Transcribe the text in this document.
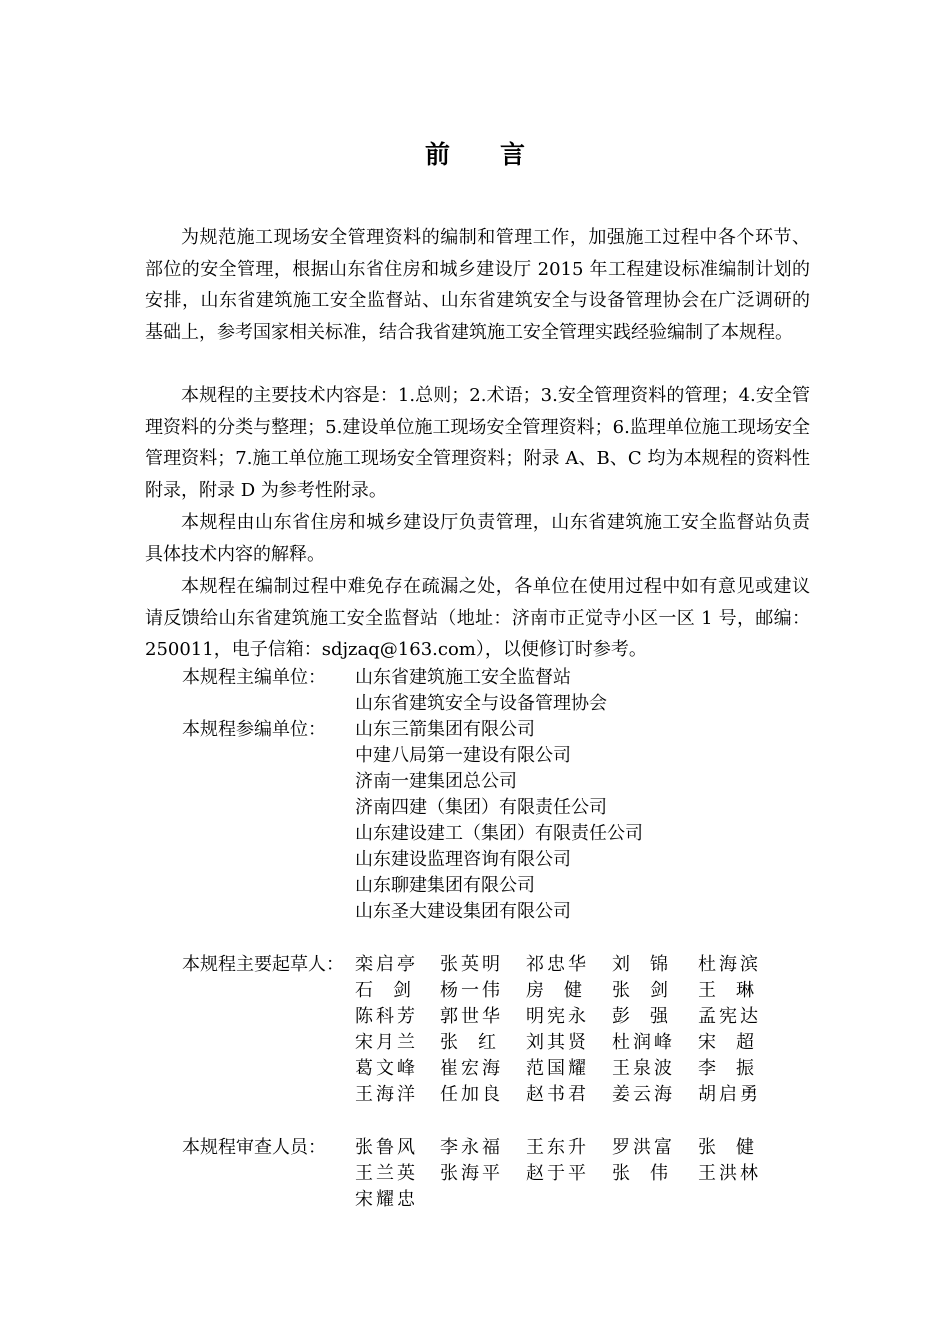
前 言

为规范施工现场安全管理资料的编制和管理工作，加强施工过程中各个环节、部位的安全管理，根据山东省住房和城乡建设厅 2015 年工程建设标准编制计划的安排，山东省建筑施工安全监督站、山东省建筑安全与设备管理协会在广泛调研的基础上，参考国家相关标准，结合我省建筑施工安全管理实践经验编制了本规程。

本规程的主要技术内容是：1.总则；2.术语；3.安全管理资料的管理；4.安全管理资料的分类与整理；5.建设单位施工现场安全管理资料；6.监理单位施工现场安全管理资料；7.施工单位施工现场安全管理资料；附录 A、B、C 均为本规程的资料性附录，附录 D 为参考性附录。

本规程由山东省住房和城乡建设厅负责管理，山东省建筑施工安全监督站负责具体技术内容的解释。

本规程在编制过程中难免存在疏漏之处，各单位在使用过程中如有意见或建议请反馈给山东省建筑施工安全监督站（地址：济南市正觉寺小区一区 1 号，邮编：250011，电子信箱：sdjzaq@163.com），以便修订时参考。

本规程主编单位： 山东省建筑施工安全监督站
山东省建筑安全与设备管理协会
本规程参编单位： 山东三箭集团有限公司
中建八局第一建设有限公司
济南一建集团总公司
济南四建（集团）有限责任公司
山东建设建工（集团）有限责任公司
山东建设监理咨询有限公司
山东聊建集团有限公司
山东圣大建设集团有限公司
本规程主要起草人： 栾启亭 张英明 祁忠华 刘 锦 杜海滨
石 剑 杨一伟 房 健 张 剑 王 琳
陈科芳 郭世华 明宪永 彭 强 孟宪达
宋月兰 张 红 刘其贤 杜润峰 宋 超
葛文峰 崔宏海 范国耀 王泉波 李 振
王海洋 任加良 赵书君 姜云海 胡启勇
本规程审查人员： 张鲁风 李永福 王东升 罗洪富 张 健
王兰英 张海平 赵于平 张 伟 王洪林
宋耀忠
